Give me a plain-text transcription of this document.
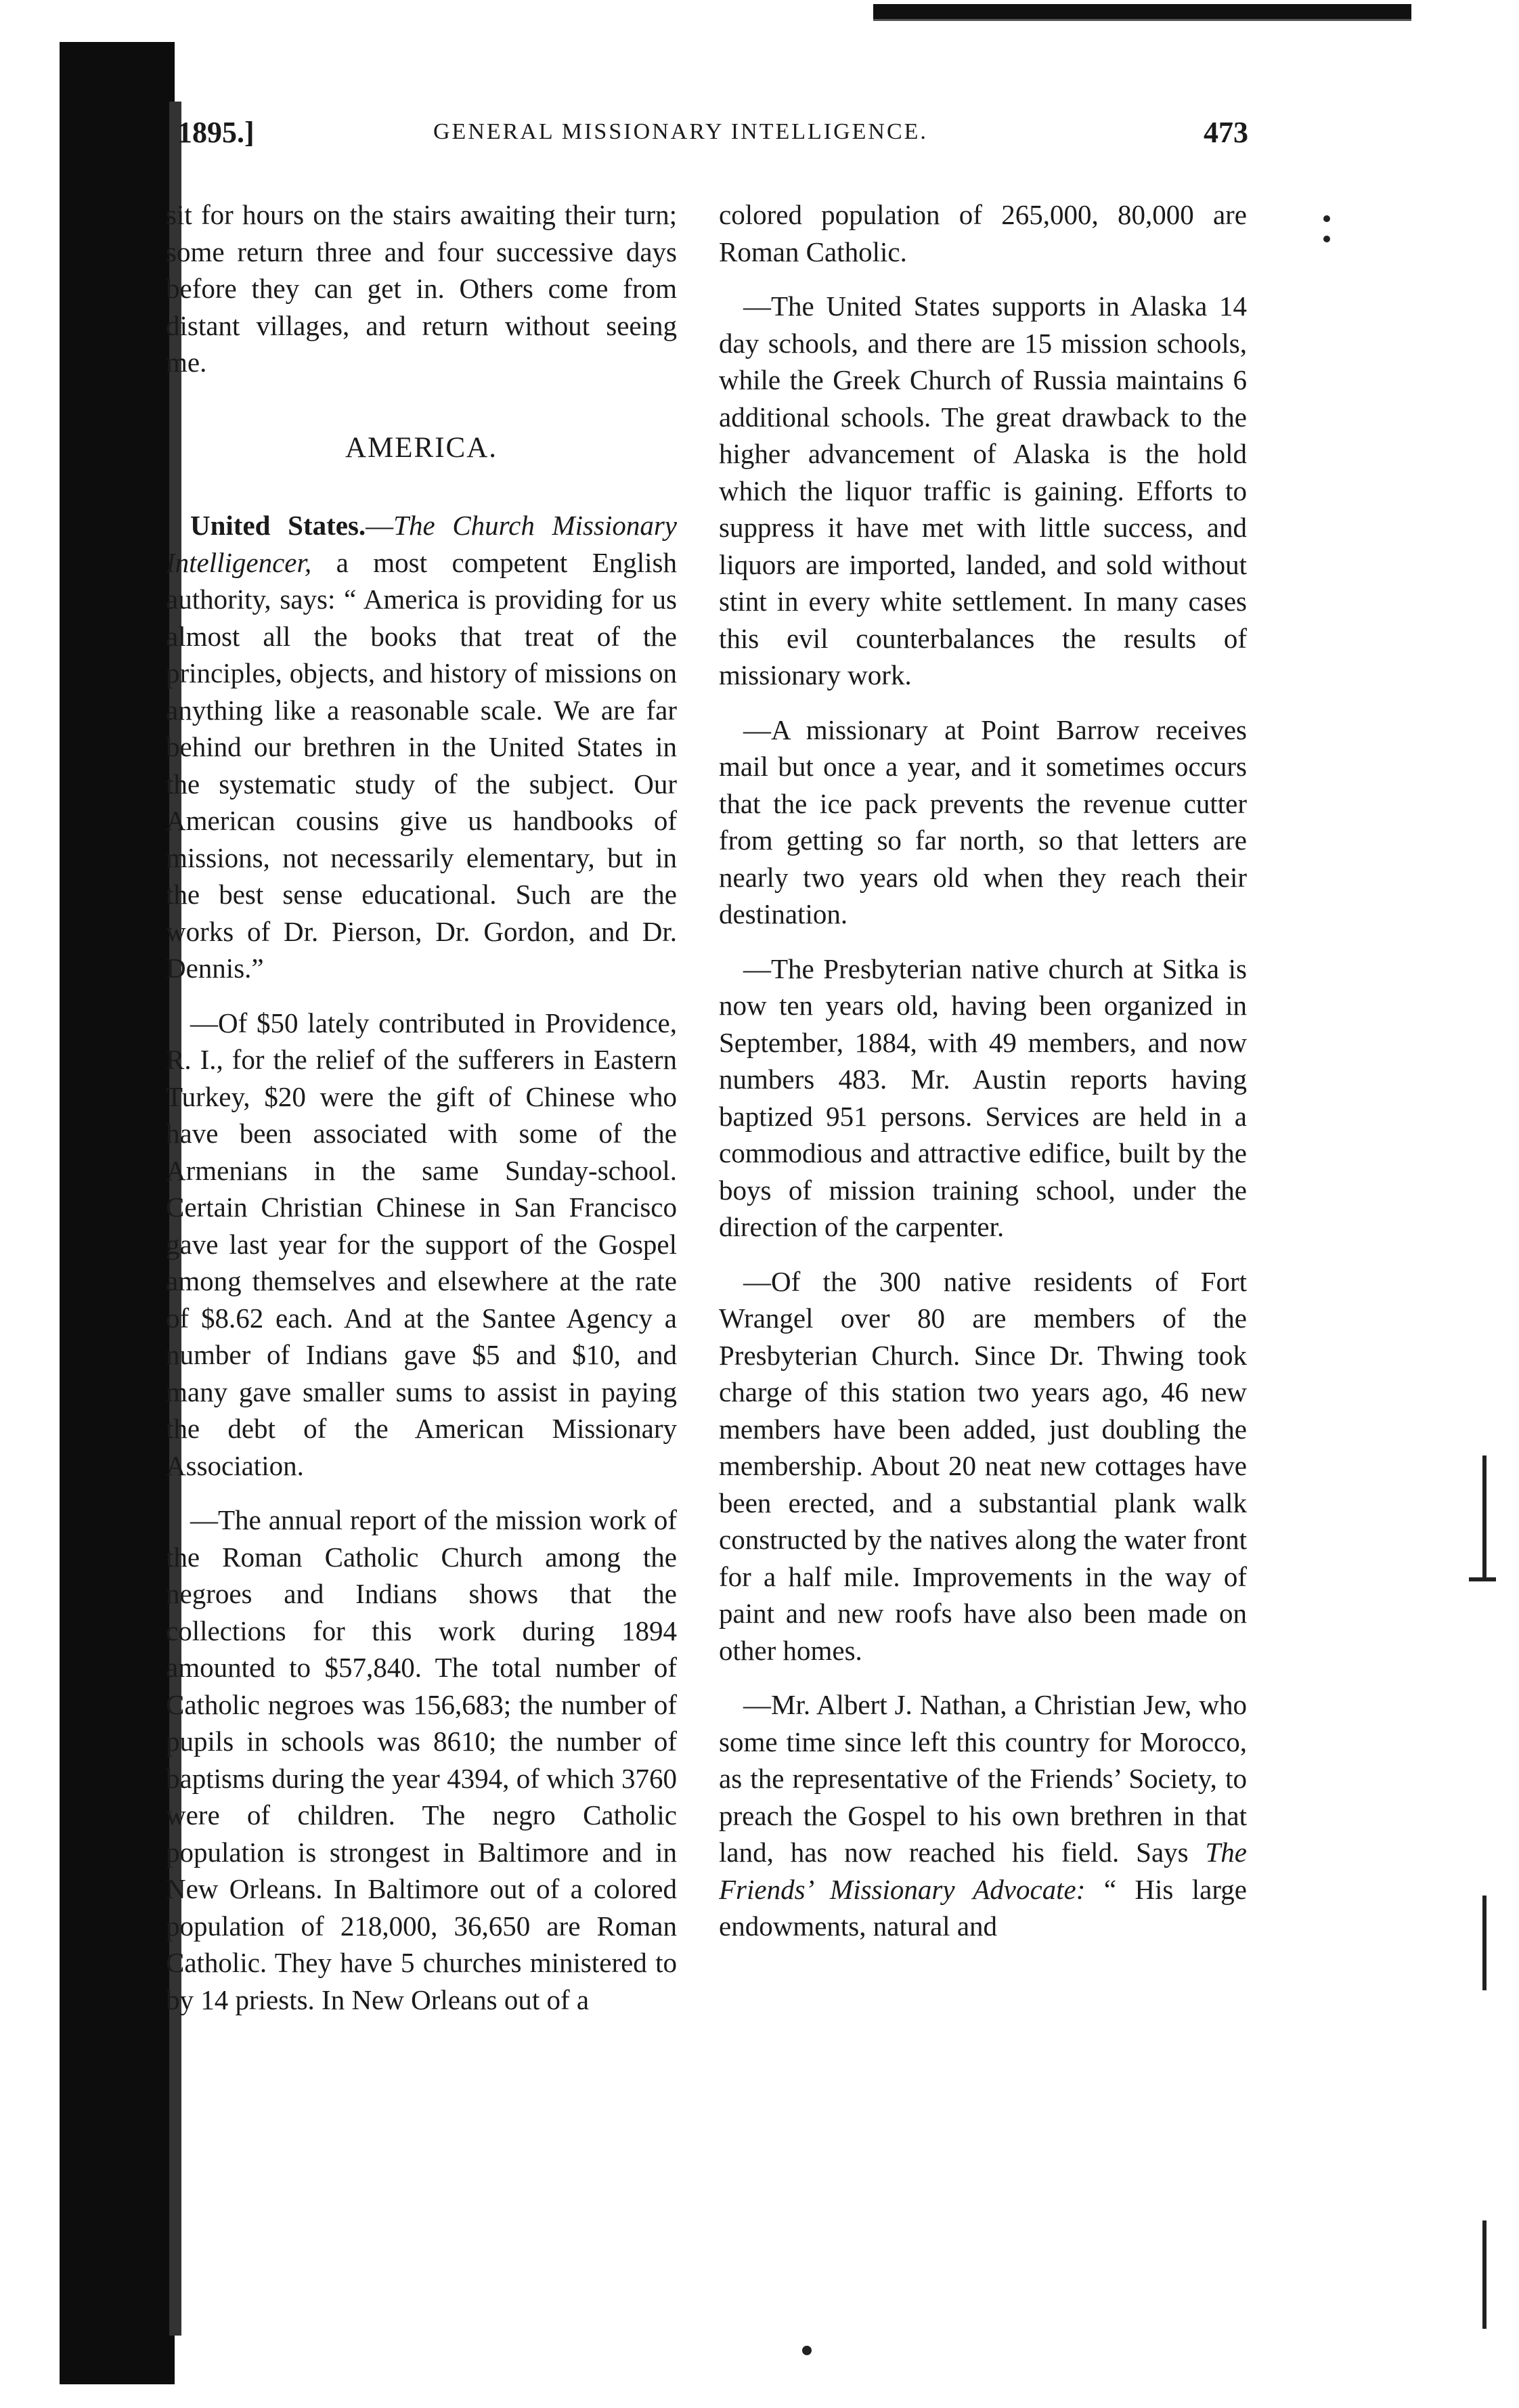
1895.]	GENERAL MISSIONARY INTELLIGENCE.	473

sit for hours on the stairs awaiting their turn; some return three and four successive days before they can get in. Others come from distant villages, and return without seeing me.

AMERICA.

United States.—The Church Missionary Intelligencer, a most competent English authority, says: “ America is providing for us almost all the books that treat of the principles, objects, and history of missions on anything like a reasonable scale. We are far behind our brethren in the United States in the systematic study of the subject. Our American cousins give us handbooks of missions, not necessarily elementary, but in the best sense educational. Such are the works of Dr. Pierson, Dr. Gordon, and Dr. Dennis.”

—Of $50 lately contributed in Providence, R. I., for the relief of the sufferers in Eastern Turkey, $20 were the gift of Chinese who have been associated with some of the Armenians in the same Sunday-school. Certain Christian Chinese in San Francisco gave last year for the support of the Gospel among themselves and elsewhere at the rate of $8.62 each. And at the Santee Agency a number of Indians gave $5 and $10, and many gave smaller sums to assist in paying the debt of the American Missionary Association.

—The annual report of the mission work of the Roman Catholic Church among the negroes and Indians shows that the collections for this work during 1894 amounted to $57,840. The total number of Catholic negroes was 156,683; the number of pupils in schools was 8610; the number of baptisms during the year 4394, of which 3760 were of children. The negro Catholic population is strongest in Baltimore and in New Orleans. In Baltimore out of a colored population of 218,000, 36,650 are Roman Catholic. They have 5 churches ministered to by 14 priests. In New Orleans out of a

colored population of 265,000, 80,000 are Roman Catholic.

—The United States supports in Alaska 14 day schools, and there are 15 mission schools, while the Greek Church of Russia maintains 6 additional schools. The great drawback to the higher advancement of Alaska is the hold which the liquor traffic is gaining. Efforts to suppress it have met with little success, and liquors are imported, landed, and sold without stint in every white settlement. In many cases this evil counterbalances the results of missionary work.

—A missionary at Point Barrow receives mail but once a year, and it sometimes occurs that the ice pack prevents the revenue cutter from getting so far north, so that letters are nearly two years old when they reach their destination.

—The Presbyterian native church at Sitka is now ten years old, having been organized in September, 1884, with 49 members, and now numbers 483. Mr. Austin reports having baptized 951 persons. Services are held in a commodious and attractive edifice, built by the boys of mission training school, under the direction of the carpenter.

—Of the 300 native residents of Fort Wrangel over 80 are members of the Presbyterian Church. Since Dr. Thwing took charge of this station two years ago, 46 new members have been added, just doubling the membership. About 20 neat new cottages have been erected, and a substantial plank walk constructed by the natives along the water front for a half mile. Improvements in the way of paint and new roofs have also been made on other homes.

—Mr. Albert J. Nathan, a Christian Jew, who some time since left this country for Morocco, as the representative of the Friends’ Society, to preach the Gospel to his own brethren in that land, has now reached his field. Says The Friends’ Missionary Advocate: “ His large endowments, natural and
